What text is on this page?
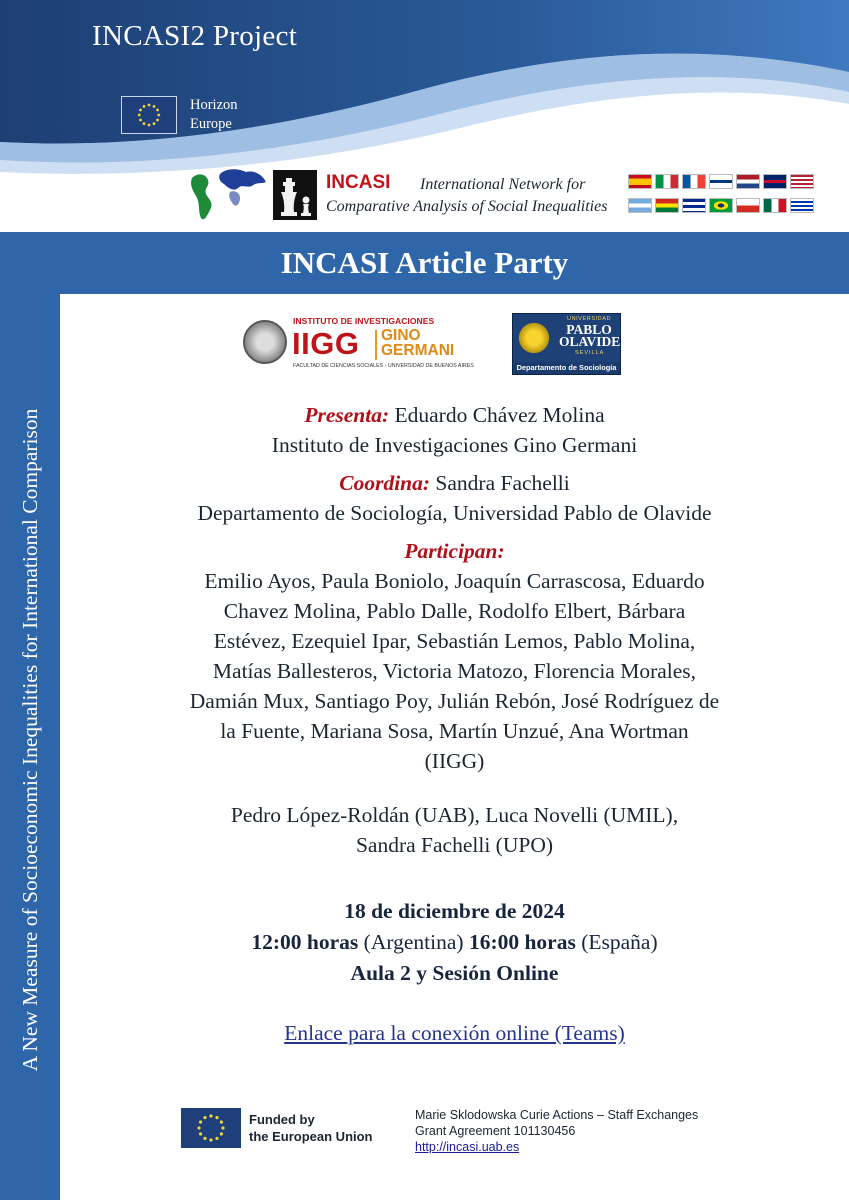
INCASI2 Project
Horizon
Europe
INCASI International Network for
Comparative Analysis of Social Inequalities
A New Measure of Socioeconomic Inequalities for International Comparison
INCASI Article Party
INSTITUTO DE INVESTIGACIONES
IIGG GINO
GERMANI
FACULTAD DE CIENCIAS SOCIALES - UNIVERSIDAD DE BUENOS AIRES
UNIVERSIDAD
PABLO
OLAVIDE
SEVILLA
Departamento de Sociología
Presenta: Eduardo Chávez Molina
Instituto de Investigaciones Gino Germani
Coordina: Sandra Fachelli
Departamento de Sociología, Universidad Pablo de Olavide
Participan:
Emilio Ayos, Paula Boniolo, Joaquín Carrascosa, Eduardo
Chavez Molina, Pablo Dalle, Rodolfo Elbert, Bárbara
Estévez, Ezequiel Ipar, Sebastián Lemos, Pablo Molina,
Matías Ballesteros, Victoria Matozo, Florencia Morales,
Damián Mux, Santiago Poy, Julián Rebón, José Rodríguez de
la Fuente, Mariana Sosa, Martín Unzué, Ana Wortman
(IIGG)
Pedro López-Roldán (UAB), Luca Novelli (UMIL),
Sandra Fachelli (UPO)
18 de diciembre de 2024
12:00 horas (Argentina) 16:00 horas (España)
Aula 2 y Sesión Online
Enlace para la conexión online (Teams)
Funded by
the European Union
Marie Sklodowska Curie Actions – Staff Exchanges
Grant Agreement 101130456
http://incasi.uab.es
